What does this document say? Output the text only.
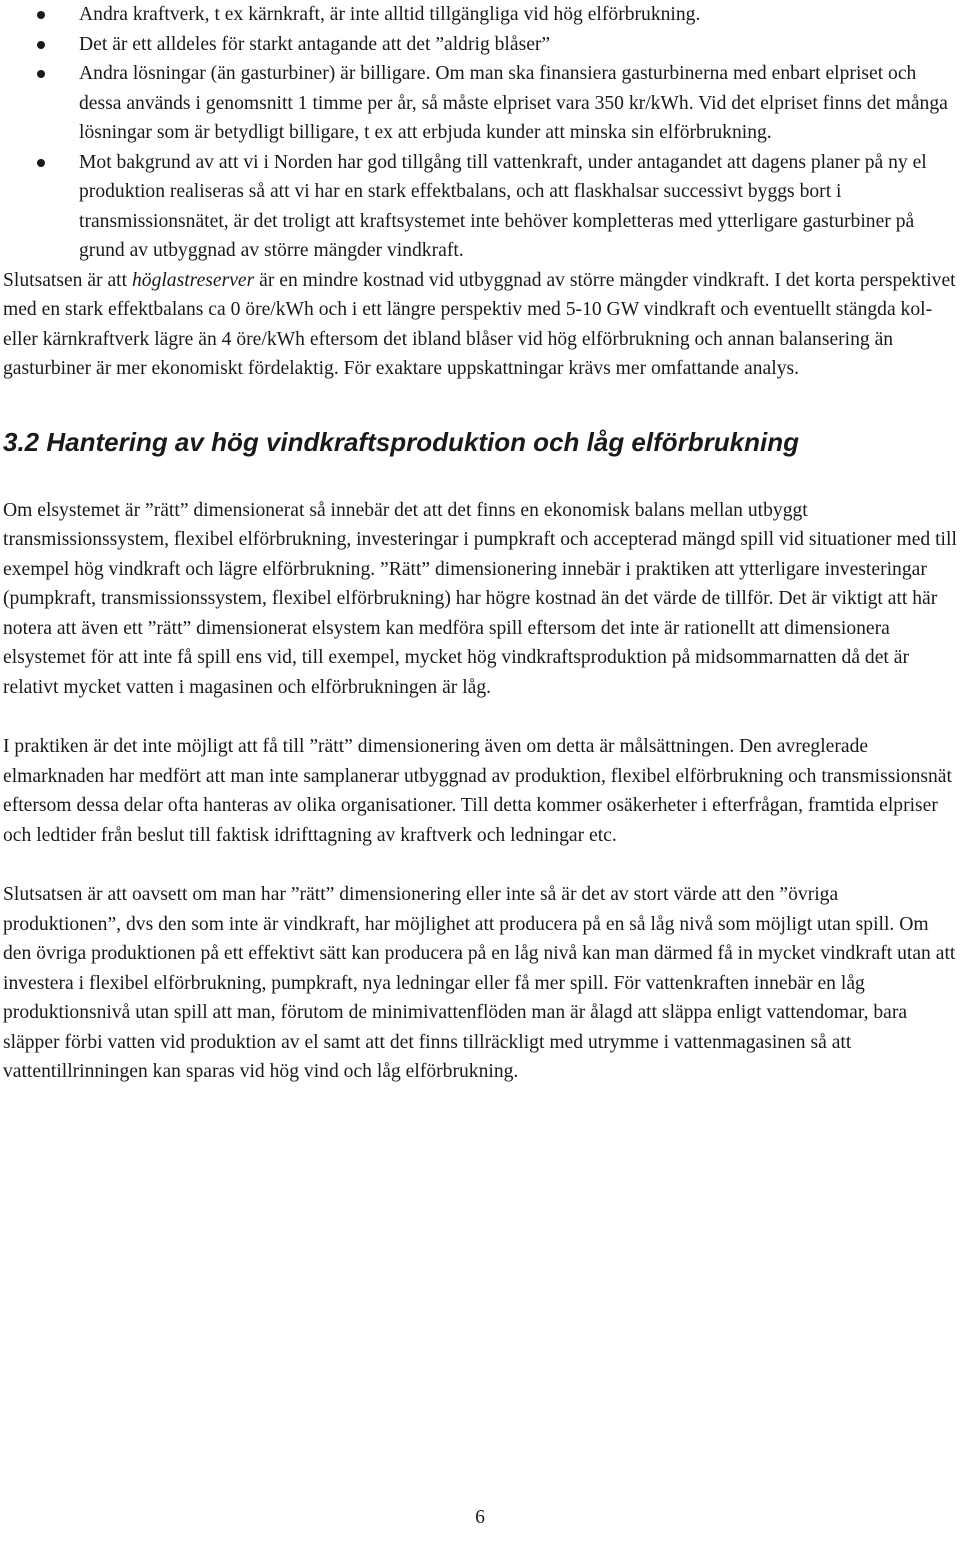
Andra kraftverk, t ex kärnkraft, är inte alltid tillgängliga vid hög elförbrukning.
Det är ett alldeles för starkt antagande att det ”aldrig blåser”
Andra lösningar (än gasturbiner) är billigare. Om man ska finansiera gasturbinerna med enbart elpriset och dessa används i genomsnitt 1 timme per år, så måste elpriset vara 350 kr/kWh. Vid det elpriset finns det många lösningar som är betydligt billigare, t ex att erbjuda kunder att minska sin elförbrukning.
Mot bakgrund av att vi i Norden har god tillgång till vattenkraft, under antagandet att dagens planer på ny el produktion realiseras så att vi har en stark effektbalans, och att flaskhalsar successivt byggs bort i transmissionsnätet, är det troligt att kraftsystemet inte behöver kompletteras med ytterligare gasturbiner på grund av utbyggnad av större mängder vindkraft.

Slutsatsen är att höglastreserver är en mindre kostnad vid utbyggnad av större mängder vindkraft. I det korta perspektivet med en stark effektbalans ca 0 öre/kWh och i ett längre perspektiv med 5-10 GW vindkraft och eventuellt stängda kol- eller kärnkraftverk lägre än 4 öre/kWh eftersom det ibland blåser vid hög elförbrukning och annan balansering än gasturbiner är mer ekonomiskt fördelaktig. För exaktare uppskattningar krävs mer omfattande analys.

3.2 Hantering av hög vindkraftsproduktion och låg elförbrukning

Om elsystemet är ”rätt” dimensionerat så innebär det att det finns en ekonomisk balans mellan utbyggt transmissionssystem, flexibel elförbrukning, investeringar i pumpkraft och accepterad mängd spill vid situationer med till exempel hög vindkraft och lägre elförbrukning. ”Rätt” dimensionering innebär i praktiken att ytterligare investeringar (pumpkraft, transmissionssystem, flexibel elförbrukning) har högre kostnad än det värde de tillför. Det är viktigt att här notera att även ett ”rätt” dimensionerat elsystem kan medföra spill eftersom det inte är rationellt att dimensionera elsystemet för att inte få spill ens vid, till exempel, mycket hög vindkraftsproduktion på midsommarnatten då det är relativt mycket vatten i magasinen och elförbrukningen är låg.

I praktiken är det inte möjligt att få till ”rätt” dimensionering även om detta är målsättningen. Den avreglerade elmarknaden har medfört att man inte samplanerar utbyggnad av produktion, flexibel elförbrukning och transmissionsnät eftersom dessa delar ofta hanteras av olika organisationer. Till detta kommer osäkerheter i efterfrågan, framtida elpriser och ledtider från beslut till faktisk idrifttagning av kraftverk och ledningar etc.

Slutsatsen är att oavsett om man har ”rätt” dimensionering eller inte så är det av stort värde att den ”övriga produktionen”, dvs den som inte är vindkraft, har möjlighet att producera på en så låg nivå som möjligt utan spill. Om den övriga produktionen på ett effektivt sätt kan producera på en låg nivå kan man därmed få in mycket vindkraft utan att investera i flexibel elförbrukning, pumpkraft, nya ledningar eller få mer spill. För vattenkraften innebär en låg produktionsnivå utan spill att man, förutom de minimivattenflöden man är ålagd att släppa enligt vattendomar, bara släpper förbi vatten vid produktion av el samt att det finns tillräckligt med utrymme i vattenmagasinen så att vattentillrinningen kan sparas vid hög vind och låg elförbrukning.

6
